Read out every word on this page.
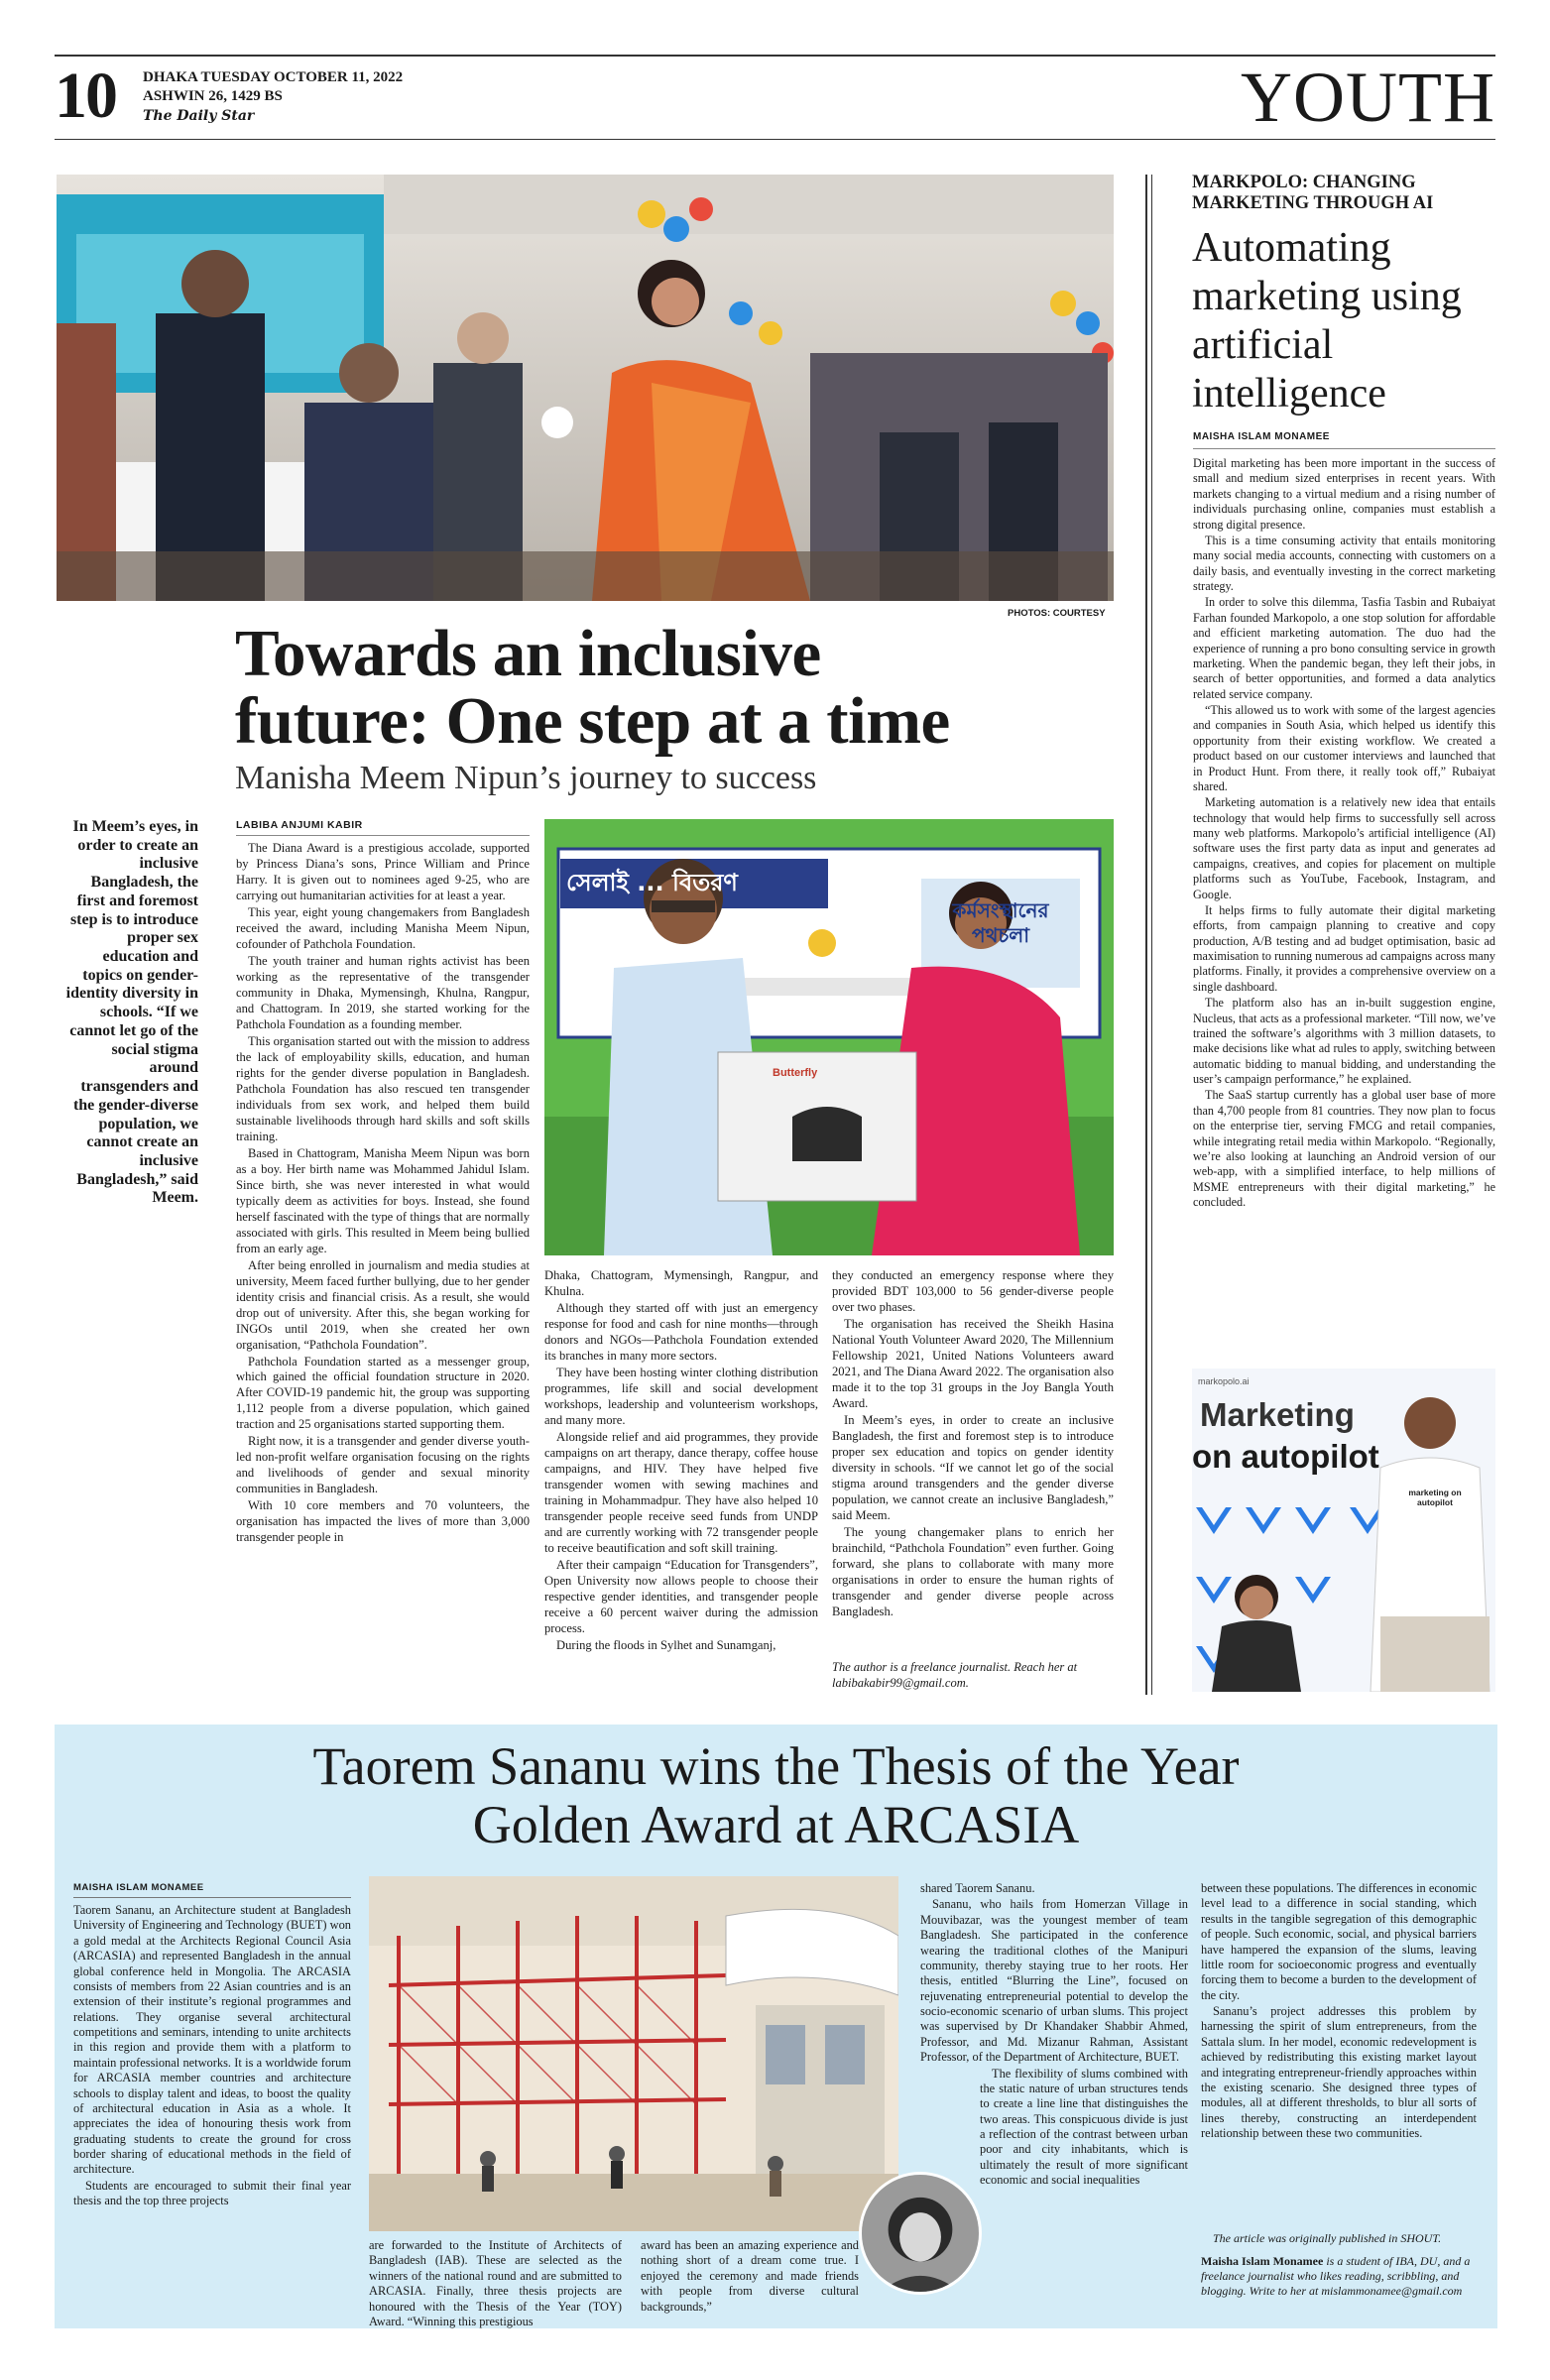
10 DHAKA TUESDAY OCTOBER 11, 2022
ASHWIN 26, 1429 BS
The Daily Star	YOUTH
PHOTOS: COURTESY
Towards an inclusive
future: One step at a time
Manisha Meem Nipun’s journey to success
In Meem’s eyes, in order to create an inclusive Bangladesh, the first and foremost step is to introduce proper sex education and topics on gender-identity diversity in schools. “If we cannot let go of the social stigma around transgenders and the gender-diverse population, we cannot create an inclusive Bangladesh,” said Meem.
LABIBA ANJUMI KABIR

The Diana Award is a prestigious accolade, supported by Princess Diana’s sons, Prince William and Prince Harry. It is given out to nominees aged 9-25, who are carrying out humanitarian activities for at least a year.

This year, eight young changemakers from Bangladesh received the award, including Manisha Meem Nipun, cofounder of Pathchola Foundation.

The youth trainer and human rights activist has been working as the representative of the transgender community in Dhaka, Mymensingh, Khulna, Rangpur, and Chattogram. In 2019, she started working for the Pathchola Foundation as a founding member.

This organisation started out with the mission to address the lack of employability skills, education, and human rights for the gender diverse population in Bangladesh. Pathchola Foundation has also rescued ten transgender individuals from sex work, and helped them build sustainable livelihoods through hard skills and soft skills training.

Based in Chattogram, Manisha Meem Nipun was born as a boy. Her birth name was Mohammed Jahidul Islam. Since birth, she was never interested in what would typically deem as activities for boys. Instead, she found herself fascinated with the type of things that are normally associated with girls. This resulted in Meem being bullied from an early age.

After being enrolled in journalism and media studies at university, Meem faced further bullying, due to her gender identity crisis and financial crisis. As a result, she would drop out of university. After this, she began working for INGOs until 2019, when she created her own organisation, “Pathchola Foundation”.

Pathchola Foundation started as a messenger group, which gained the official foundation structure in 2020. After COVID-19 pandemic hit, the group was supporting 1,112 people from a diverse population, which gained traction and 25 organisations started supporting them.

Right now, it is a transgender and gender diverse youth-led non-profit welfare organisation focusing on the rights and livelihoods of gender and sexual minority communities in Bangladesh.

With 10 core members and 70 volunteers, the organisation has impacted the lives of more than 3,000 transgender people in

সেলাই ... বিতরণ
কর্মসংস্থানের পথচলা
Butterfly

Dhaka, Chattogram, Mymensingh, Rangpur, and Khulna.

Although they started off with just an emergency response for food and cash for nine months—through donors and NGOs—Pathchola Foundation extended its branches in many more sectors.

They have been hosting winter clothing distribution programmes, life skill and social development workshops, leadership and volunteerism workshops, and many more.

Alongside relief and aid programmes, they provide campaigns on art therapy, dance therapy, coffee house campaigns, and HIV. They have helped five transgender women with sewing machines and training in Mohammadpur. They have also helped 10 transgender people receive seed funds from UNDP and are currently working with 72 transgender people to receive beautification and soft skill training.

After their campaign “Education for Transgenders”, Open University now allows people to choose their respective gender identities, and transgender people receive a 60 percent waiver during the admission process.

During the floods in Sylhet and Sunamganj,

they conducted an emergency response where they provided BDT 103,000 to 56 gender-diverse people over two phases.

The organisation has received the Sheikh Hasina National Youth Volunteer Award 2020, The Millennium Fellowship 2021, United Nations Volunteers award 2021, and The Diana Award 2022. The organisation also made it to the top 31 groups in the Joy Bangla Youth Award.

In Meem’s eyes, in order to create an inclusive Bangladesh, the first and foremost step is to introduce proper sex education and topics on gender identity diversity in schools. “If we cannot let go of the social stigma around transgenders and the gender diverse population, we cannot create an inclusive Bangladesh,” said Meem.

The young changemaker plans to enrich her brainchild, “Pathchola Foundation” even further. Going forward, she plans to collaborate with many more organisations in order to ensure the human rights of transgender and gender diverse people across Bangladesh.

The author is a freelance journalist. Reach her at labibakabir99@gmail.com.
MARKPOLO: CHANGING MARKETING THROUGH AI
Automating marketing using artificial intelligence
MAISHA ISLAM MONAMEE

Digital marketing has been more important in the success of small and medium sized enterprises in recent years. With markets changing to a virtual medium and a rising number of individuals purchasing online, companies must establish a strong digital presence.

This is a time consuming activity that entails monitoring many social media accounts, connecting with customers on a daily basis, and eventually investing in the correct marketing strategy.

In order to solve this dilemma, Tasfia Tasbin and Rubaiyat Farhan founded Markopolo, a one stop solution for affordable and efficient marketing automation. The duo had the experience of running a pro bono consulting service in growth marketing. When the pandemic began, they left their jobs, in search of better opportunities, and formed a data analytics related service company.

“This allowed us to work with some of the largest agencies and companies in South Asia, which helped us identify this opportunity from their existing workflow. We created a product based on our customer interviews and launched that in Product Hunt. From there, it really took off,” Rubaiyat shared.

Marketing automation is a relatively new idea that entails technology that would help firms to successfully sell across many web platforms. Markopolo’s artificial intelligence (AI) software uses the first party data as input and generates ad campaigns, creatives, and copies for placement on multiple platforms such as YouTube, Facebook, Instagram, and Google.

It helps firms to fully automate their digital marketing efforts, from campaign planning to creative and copy production, A/B testing and ad budget optimisation, basic ad maximisation to running numerous ad campaigns across many platforms. Finally, it provides a comprehensive overview on a single dashboard.

The platform also has an in-built suggestion engine, Nucleus, that acts as a professional marketer. “Till now, we’ve trained the software’s algorithms with 3 million datasets, to make decisions like what ad rules to apply, switching between automatic bidding to manual bidding, and understanding the user’s campaign performance,” he explained.

The SaaS startup currently has a global user base of more than 4,700 people from 81 countries. They now plan to focus on the enterprise tier, serving FMCG and retail companies, while integrating retail media within Markopolo. “Regionally, we’re also looking at launching an Android version of our web-app, with a simplified interface, to help millions of MSME entrepreneurs with their digital marketing,” he concluded.

markopolo.ai
Marketing
on autopilot
marketing on autopilot
Taorem Sananu wins the Thesis of the Year
Golden Award at ARCASIA
MAISHA ISLAM MONAMEE

Taorem Sananu, an Architecture student at Bangladesh University of Engineering and Technology (BUET) won a gold medal at the Architects Regional Council Asia (ARCASIA) and represented Bangladesh in the annual global conference held in Mongolia. The ARCASIA consists of members from 22 Asian countries and is an extension of their institute’s regional programmes and relations. They organise several architectural competitions and seminars, intending to unite architects in this region and provide them with a platform to maintain professional networks. It is a worldwide forum for ARCASIA member countries and architecture schools to display talent and ideas, to boost the quality of architectural education in Asia as a whole. It appreciates the idea of honouring thesis work from graduating students to create the ground for cross border sharing of educational methods in the field of architecture.

Students are encouraged to submit their final year thesis and the top three projects

are forwarded to the Institute of Architects of Bangladesh (IAB). These are selected as the winners of the national round and are submitted to ARCASIA. Finally, three thesis projects are honoured with the Thesis of the Year (TOY) Award. “Winning this prestigious
award has been an amazing experience and nothing short of a dream come true. I enjoyed the ceremony and made friends with people from diverse cultural backgrounds,”

shared Taorem Sananu.

Sananu, who hails from Homerzan Village in Mouvibazar, was the youngest member of team Bangladesh. She participated in the conference wearing the traditional clothes of the Manipuri community, thereby staying true to her roots. Her thesis, entitled “Blurring the Line”, focused on rejuvenating entrepreneurial potential to develop the socio-economic scenario of urban slums. This project was supervised by Dr Khandaker Shabbir Ahmed, Professor, and Md. Mizanur Rahman, Assistant Professor, of the Department of Architecture, BUET.

The flexibility of slums combined with the static nature of urban structures tends to create a line line that distinguishes the two areas. This conspicuous divide is just a reflection of the contrast between urban poor and city inhabitants, which is ultimately the result of more significant economic and social inequalities

between these populations. The differences in economic level lead to a difference in social standing, which results in the tangible segregation of this demographic of people. Such economic, social, and physical barriers have hampered the expansion of the slums, leaving little room for socioeconomic progress and eventually forcing them to become a burden to the development of the city.

Sananu’s project addresses this problem by harnessing the spirit of slum entrepreneurs, from the Sattala slum. In her model, economic redevelopment is achieved by redistributing this existing market layout and integrating entrepreneur-friendly approaches within the existing scenario. She designed three types of modules, all at different thresholds, to blur all sorts of lines thereby, constructing an interdependent relationship between these two communities.

The article was originally published in SHOUT.
Maisha Islam Monamee is a student of IBA, DU, and a freelance journalist who likes reading, scribbling, and blogging. Write to her at mislammonamee@gmail.com
